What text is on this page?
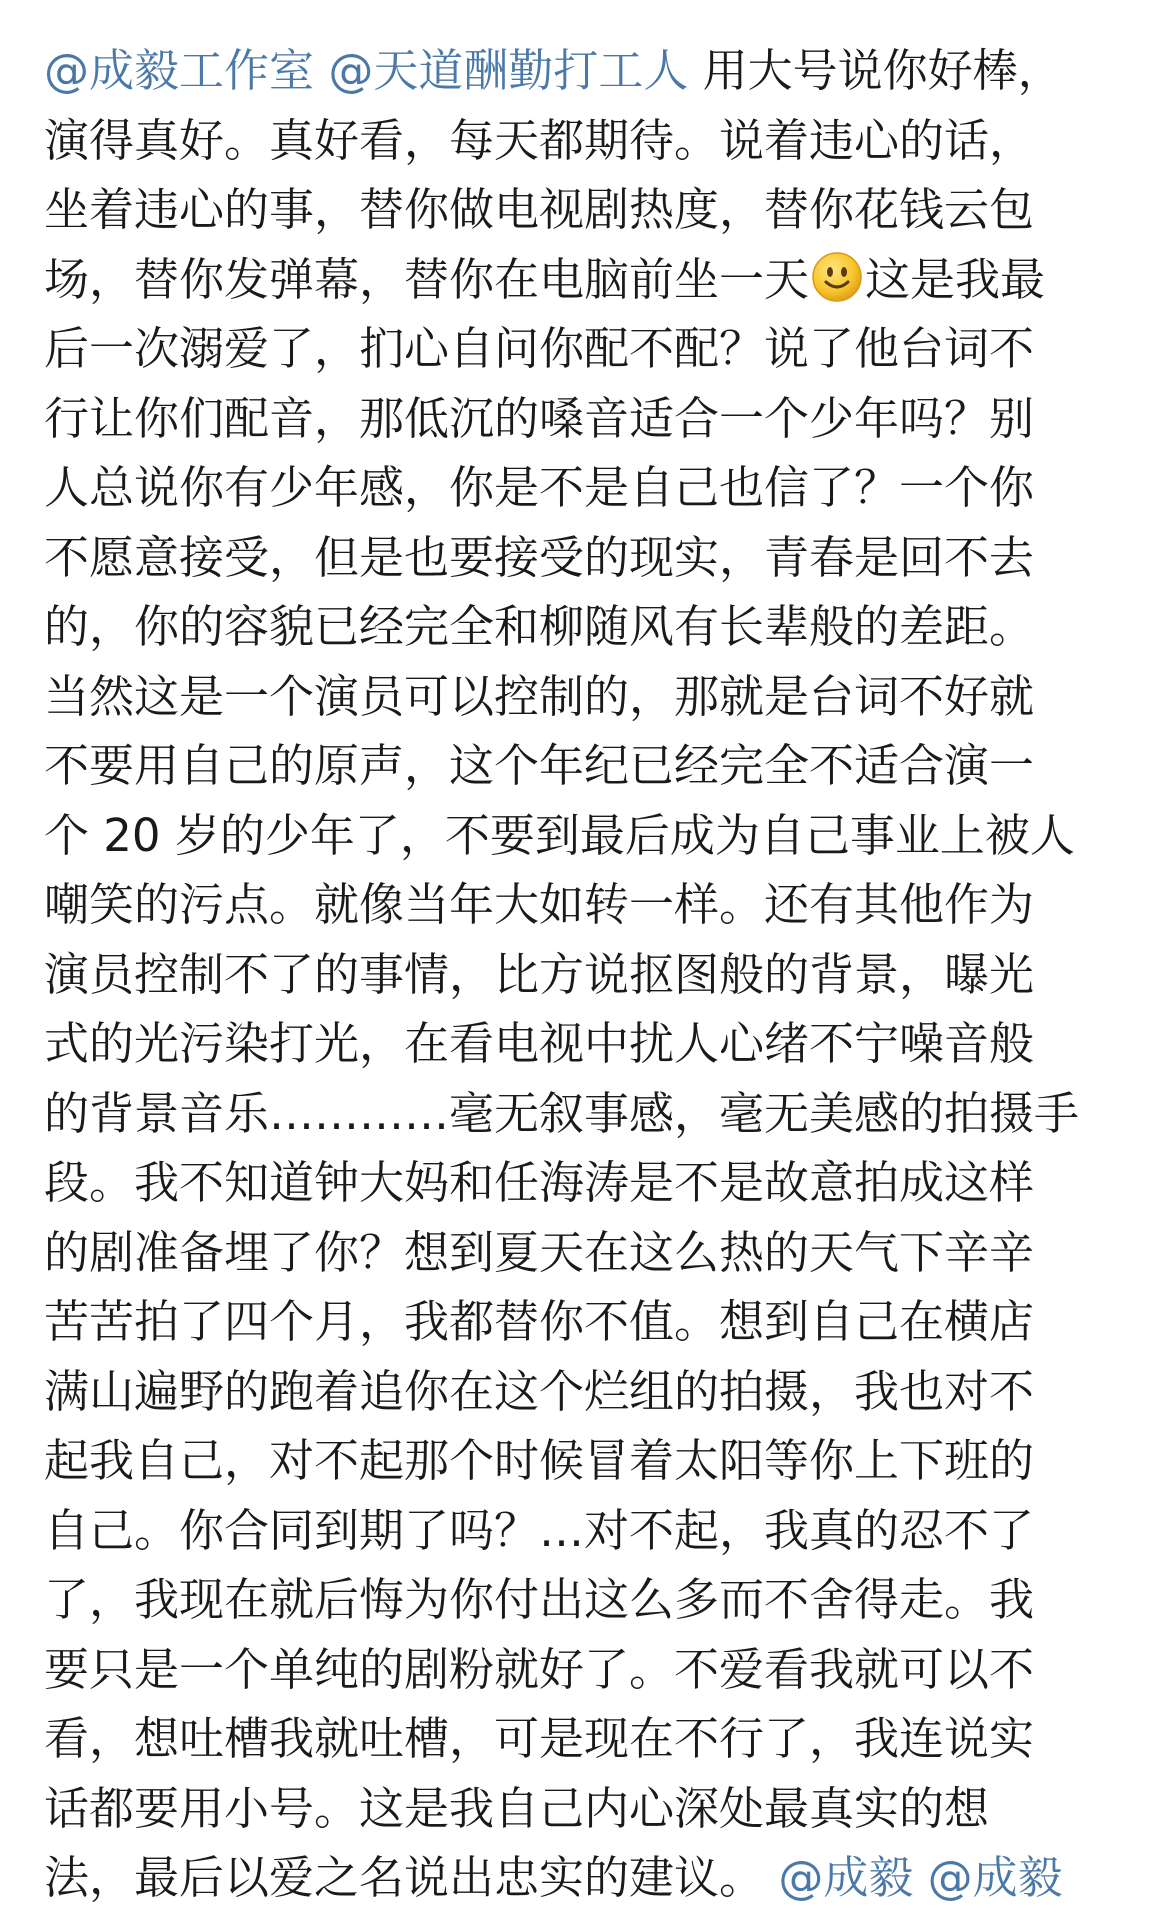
@成毅工作室 @天道酬勤打工人 用大号说你好棒，
演得真好。真好看，每天都期待。说着违心的话，
坐着违心的事，替你做电视剧热度，替你花钱云包
场，替你发弹幕，替你在电脑前坐一天 这是我最
后一次溺爱了，扪心自问你配不配？说了他台词不
行让你们配音，那低沉的嗓音适合一个少年吗？别
人总说你有少年感，你是不是自己也信了？一个你
不愿意接受，但是也要接受的现实，青春是回不去
的，你的容貌已经完全和柳随风有长辈般的差距。
当然这是一个演员可以控制的，那就是台词不好就
不要用自己的原声，这个年纪已经完全不适合演一
个 20 岁的少年了，不要到最后成为自己事业上被人
嘲笑的污点。就像当年大如转一样。还有其他作为
演员控制不了的事情，比方说抠图般的背景，曝光
式的光污染打光，在看电视中扰人心绪不宁噪音般
的背景音乐…………毫无叙事感，毫无美感的拍摄手
段。我不知道钟大妈和任海涛是不是故意拍成这样
的剧准备埋了你？想到夏天在这么热的天气下辛辛
苦苦拍了四个月，我都替你不值。想到自己在横店
满山遍野的跑着追你在这个烂组的拍摄，我也对不
起我自己，对不起那个时候冒着太阳等你上下班的
自己。你合同到期了吗？…对不起，我真的忍不了
了，我现在就后悔为你付出这么多而不舍得走。我
要只是一个单纯的剧粉就好了。不爱看我就可以不
看，想吐槽我就吐槽，可是现在不行了，我连说实
话都要用小号。这是我自己内心深处最真实的想
法，最后以爱之名说出忠实的建议。 @成毅 @成毅
